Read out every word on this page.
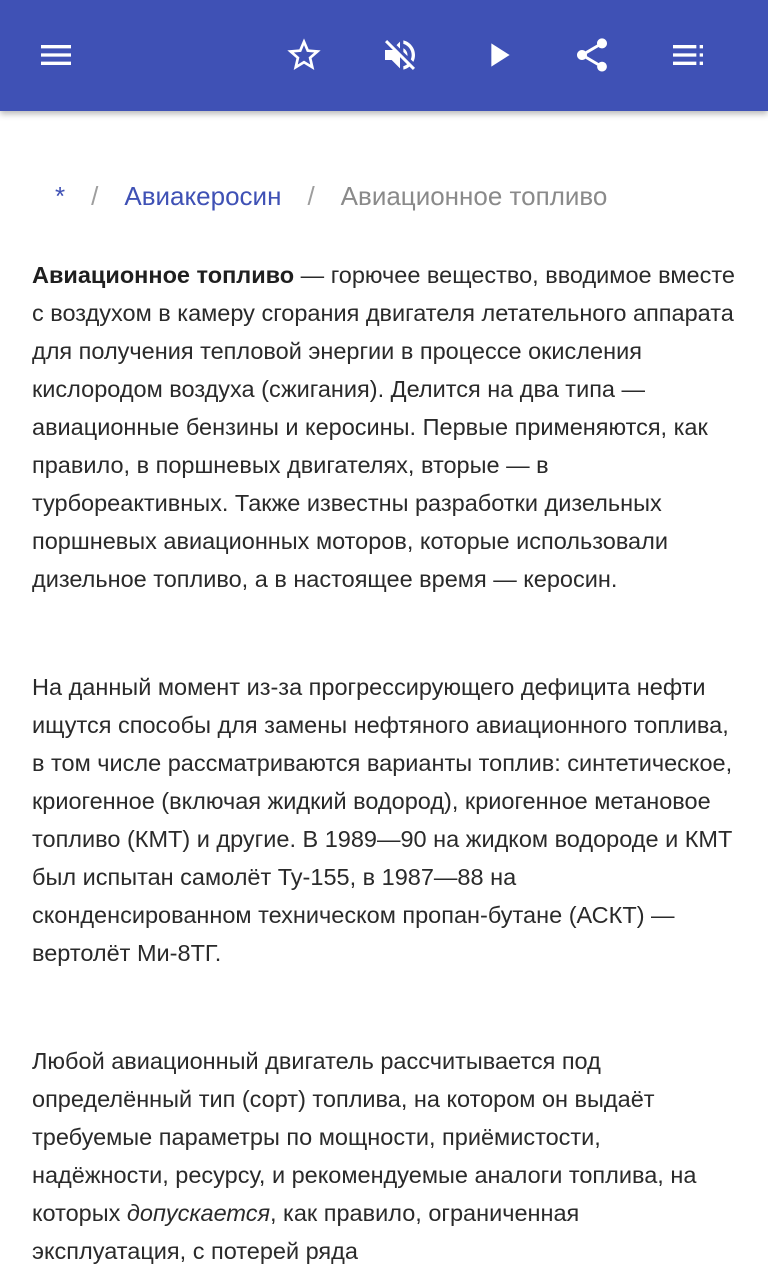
* / Авиакеросин / Авиационное топливо

Авиационное топливо — горючее вещество, вводимое вместе с воздухом в камеру сгорания двигателя летательного аппарата для получения тепловой энергии в процессе окисления кислородом воздуха (сжигания). Делится на два типа — авиационные бензины и керосины. Первые применяются, как правило, в поршневых двигателях, вторые — в турбореактивных. Также известны разработки дизельных поршневых авиационных моторов, которые использовали дизельное топливо, а в настоящее время — керосин.

На данный момент из-за прогрессирующего дефицита нефти ищутся способы для замены нефтяного авиационного топлива, в том числе рассматриваются варианты топлив: синтетическое, криогенное (включая жидкий водород), криогенное метановое топливо (КМТ) и другие. В 1989—90 на жидком водороде и КМТ был испытан самолёт Ту-155, в 1987—88 на сконденсированном техническом пропан-бутане (АСКТ) — вертолёт Ми-8ТГ.

Любой авиационный двигатель рассчитывается под определённый тип (сорт) топлива, на котором он выдаёт требуемые параметры по мощности, приёмистости, надёжности, ресурсу, и рекомендуемые аналоги топлива, на которых допускается, как правило, ограниченная эксплуатация, с потерей ряда
